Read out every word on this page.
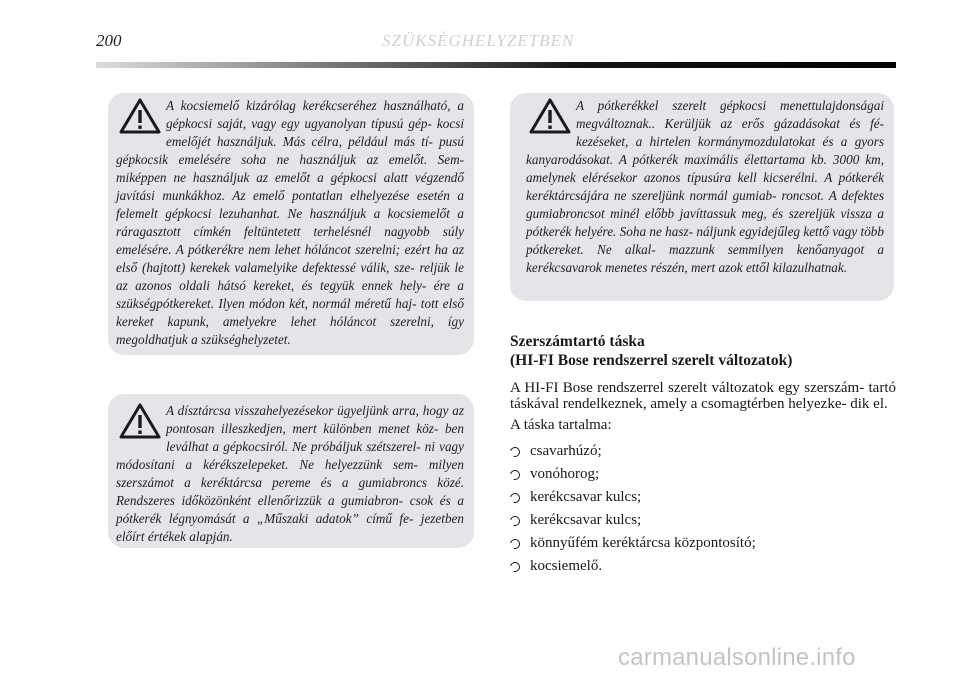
200	SZÜKSÉGHELYZETBEN

A kocsiemelő kizárólag kerékcseréhez használható, a gépkocsi saját, vagy egy ugyanolyan típusú gép- kocsi emelőjét használjuk. Más célra, például más tí- pusú gépkocsik emelésére soha ne használjuk az emelőt. Sem- miképpen ne használjuk az emelőt a gépkocsi alatt végzendő javítási munkákhoz. Az emelő pontatlan elhelyezése esetén a felemelt gépkocsi lezuhanhat. Ne használjuk a kocsiemelőt a ráragasztott címkén feltüntetett terhelésnél nagyobb súly emelésére. A pótkerékre nem lehet hóláncot szerelni; ezért ha az első (hajtott) kerekek valamelyike defektessé válik, sze- reljük le az azonos oldali hátsó kereket, és tegyük ennek hely- ére a szükségpótkereket. Ilyen módon két, normál méretű haj- tott első kereket kapunk, amelyekre lehet hóláncot szerelni, így megoldhatjuk a szükséghelyzetet.

A dísztárcsa visszahelyezésekor ügyeljünk arra, hogy az pontosan illeszkedjen, mert különben menet köz- ben leválhat a gépkocsiról. Ne próbáljuk szétszerel- ni vagy módosítani a kérékszelepeket. Ne helyezzünk sem- milyen szerszámot a keréktárcsa pereme és a gumiabroncs közé. Rendszeres időközönként ellenőrizzük a gumiabron- csok és a pótkerék légnyomását a „Műszaki adatok” című fe- jezetben előírt értékek alapján.

A pótkerékkel szerelt gépkocsi menettulajdonságai megváltoznak.. Kerüljük az erős gázadásokat és fé- kezéseket, a hirtelen kormánymozdulatokat és a gyors kanyarodásokat. A pótkerék maximális élettartama kb. 3000 km, amelynek elérésekor azonos típusúra kell kicserélni. A pótkerék keréktárcsájára ne szereljünk normál gumiab- roncsot. A defektes gumiabroncsot minél előbb javíttassuk meg, és szereljük vissza a pótkerék helyére. Soha ne hasz- náljunk egyidejűleg kettő vagy több pótkereket. Ne alkal- mazzunk semmilyen kenőanyagot a kerékcsavarok menetes részén, mert azok ettől kilazulhatnak.

Szerszámtartó táska
(HI-FI Bose rendszerrel szerelt változatok)

A HI-FI Bose rendszerrel szerelt változatok egy szerszám- tartó táskával rendelkeznek, amely a csomagtérben helyezke- dik el.

A táska tartalma:

csavarhúzó;
vonóhorog;
kerékcsavar kulcs;
kerékcsavar kulcs;
könnyűfém keréktárcsa központosító;
kocsiemelő.
carmanualsonline.info
